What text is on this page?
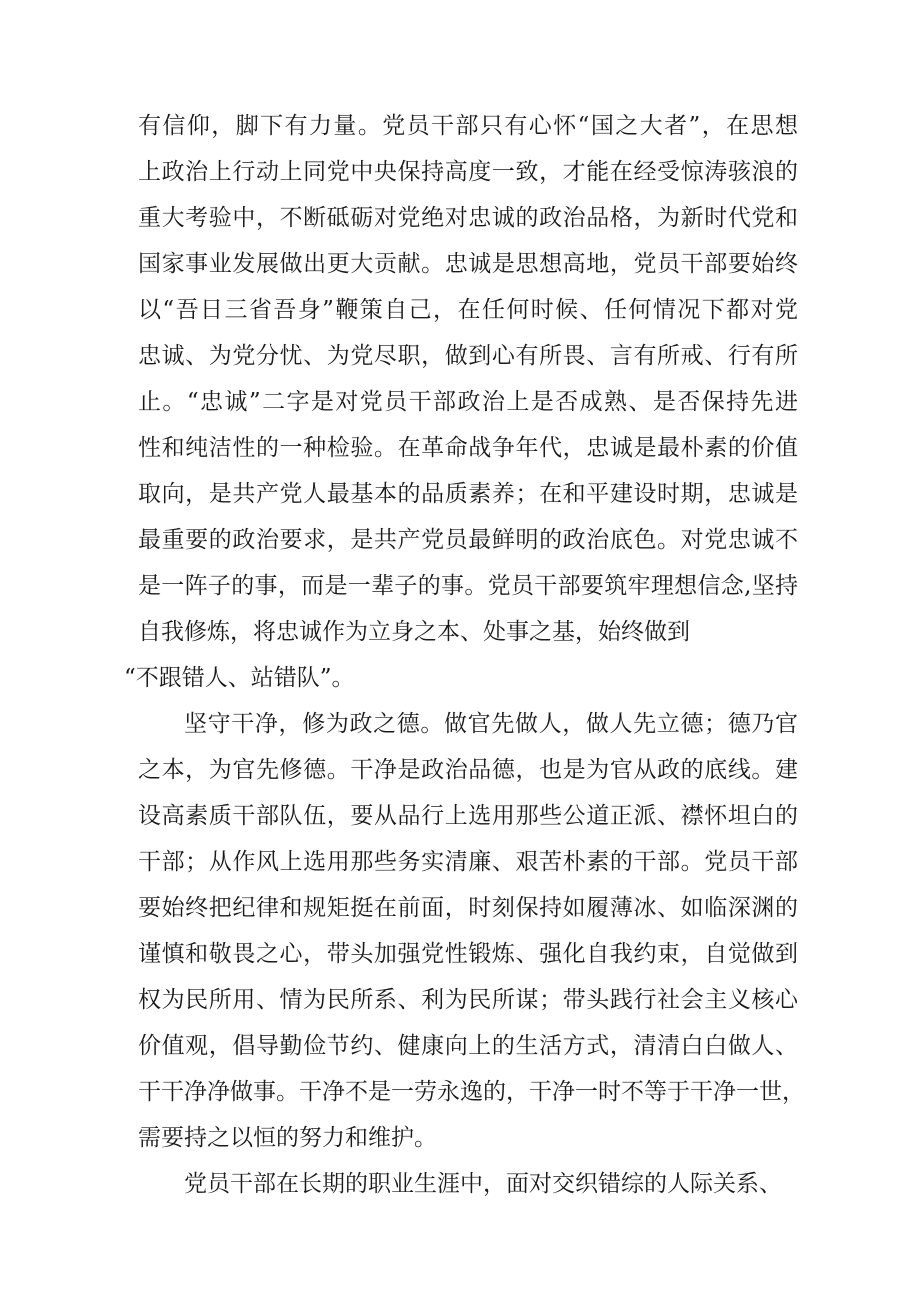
有信仰，脚下有力量。党员干部只有心怀“国之大者”，在思想
上政治上行动上同党中央保持高度一致，才能在经受惊涛骇浪的
重大考验中，不断砥砺对党绝对忠诚的政治品格，为新时代党和
国家事业发展做出更大贡献。忠诚是思想高地，党员干部要始终
以“吾日三省吾身”鞭策自己，在任何时候、任何情况下都对党
忠诚、为党分忧、为党尽职，做到心有所畏、言有所戒、行有所
止。“忠诚”二字是对党员干部政治上是否成熟、是否保持先进
性和纯洁性的一种检验。在革命战争年代，忠诚是最朴素的价值
取向，是共产党人最基本的品质素养；在和平建设时期，忠诚是
最重要的政治要求，是共产党员最鲜明的政治底色。对党忠诚不
是一阵子的事，而是一辈子的事。党员干部要筑牢理想信念,坚持
自我修炼，将忠诚作为立身之本、处事之基，始终做到
“不跟错人、站错队”。
坚守干净，修为政之德。做官先做人，做人先立德；德乃官
之本，为官先修德。干净是政治品德，也是为官从政的底线。建
设高素质干部队伍，要从品行上选用那些公道正派、襟怀坦白的
干部；从作风上选用那些务实清廉、艰苦朴素的干部。党员干部
要始终把纪律和规矩挺在前面，时刻保持如履薄冰、如临深渊的
谨慎和敬畏之心，带头加强党性锻炼、强化自我约束，自觉做到
权为民所用、情为民所系、利为民所谋；带头践行社会主义核心
价值观，倡导勤俭节约、健康向上的生活方式，清清白白做人、
干干净净做事。干净不是一劳永逸的，干净一时不等于干净一世，
需要持之以恒的努力和维护。
党员干部在长期的职业生涯中，面对交织错综的人际关系、
